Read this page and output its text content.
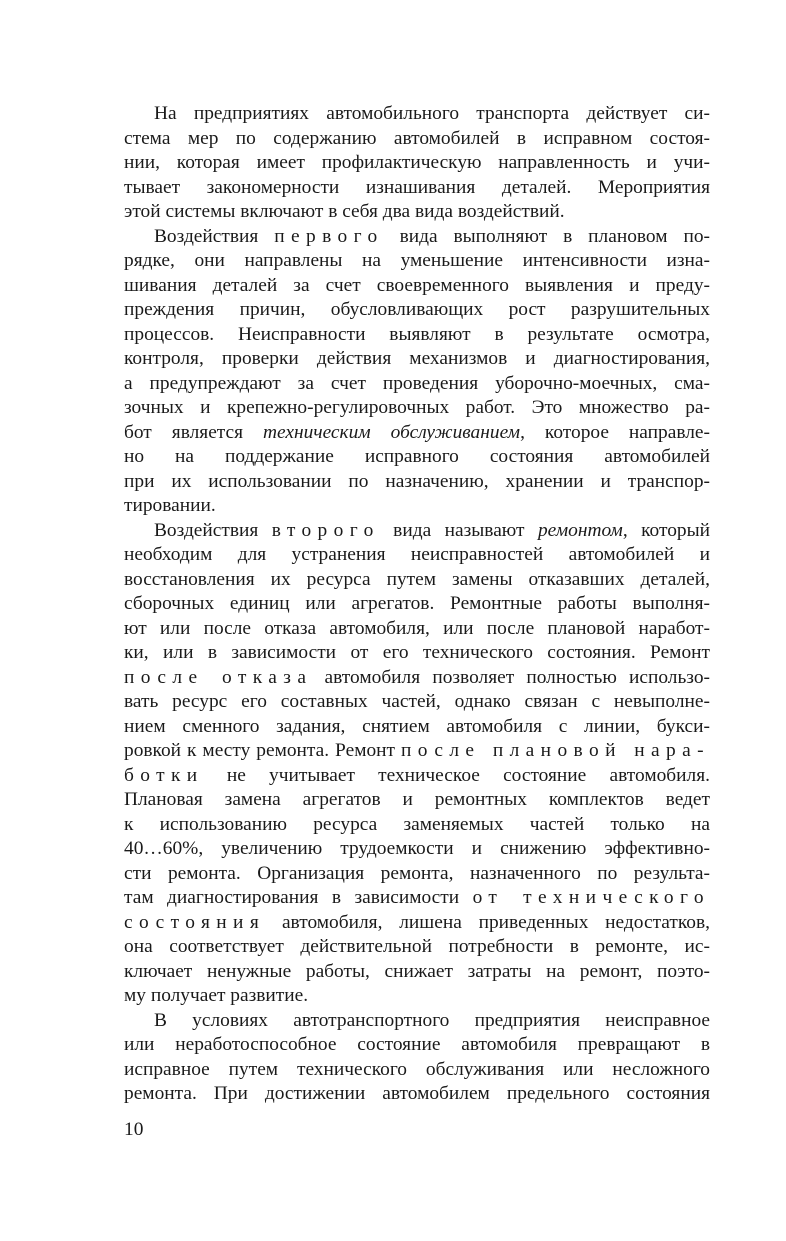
На предприятиях автомобильного транспорта действует си-
стема мер по содержанию автомобилей в исправном состоя-
нии, которая имеет профилактическую направленность и учи-
тывает закономерности изнашивания деталей. Мероприятия
этой системы включают в себя два вида воздействий.
Воздействия первого вида выполняют в плановом по-
рядке, они направлены на уменьшение интенсивности изна-
шивания деталей за счет своевременного выявления и преду-
преждения причин, обусловливающих рост разрушительных
процессов. Неисправности выявляют в результате осмотра,
контроля, проверки действия механизмов и диагностирования,
а предупреждают за счет проведения уборочно-моечных, сма-
зочных и крепежно-регулировочных работ. Это множество ра-
бот является техническим обслуживанием, которое направле-
но на поддержание исправного состояния автомобилей
при их использовании по назначению, хранении и транспор-
тировании.
Воздействия второго вида называют ремонтом, который
необходим для устранения неисправностей автомобилей и
восстановления их ресурса путем замены отказавших деталей,
сборочных единиц или агрегатов. Ремонтные работы выполня-
ют или после отказа автомобиля, или после плановой наработ-
ки, или в зависимости от его технического состояния. Ремонт
после отказа автомобиля позволяет полностью использо-
вать ресурс его составных частей, однако связан с невыполне-
нием сменного задания, снятием автомобиля с линии, букси-
ровкой к месту ремонта. Ремонт после плановой нара-
ботки не учитывает техническое состояние автомобиля.
Плановая замена агрегатов и ремонтных комплектов ведет
к использованию ресурса заменяемых частей только на
40…60%, увеличению трудоемкости и снижению эффективно-
сти ремонта. Организация ремонта, назначенного по результа-
там диагностирования в зависимости от технического
состояния автомобиля, лишена приведенных недостатков,
она соответствует действительной потребности в ремонте, ис-
ключает ненужные работы, снижает затраты на ремонт, поэто-
му получает развитие.
В условиях автотранспортного предприятия неисправное
или неработоспособное состояние автомобиля превращают в
исправное путем технического обслуживания или несложного
ремонта. При достижении автомобилем предельного состояния
10
